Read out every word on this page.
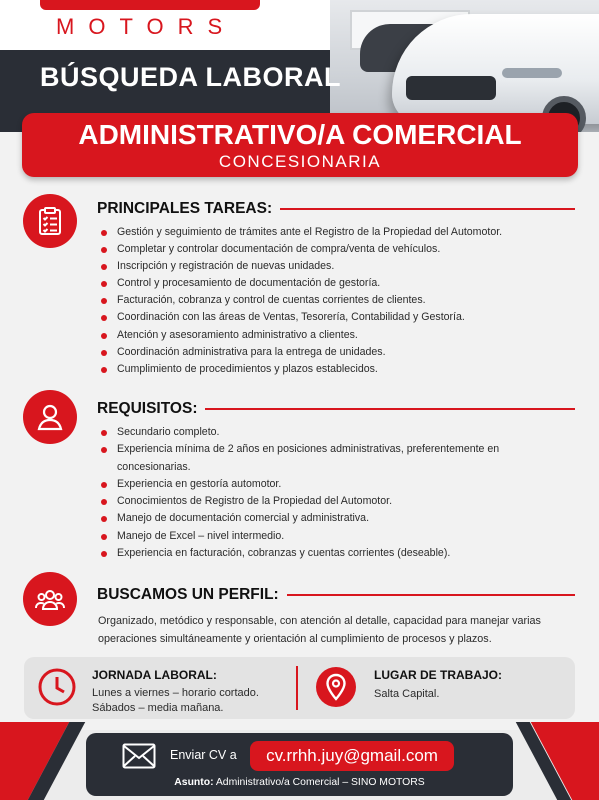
MOTORS
BÚSQUEDA LABORAL
ADMINISTRATIVO/A COMERCIAL
CONCESIONARIA
PRINCIPALES TAREAS:
Gestión y seguimiento de trámites ante el Registro de la Propiedad del Automotor.
Completar y controlar documentación de compra/venta de vehículos.
Inscripción y registración de nuevas unidades.
Control y procesamiento de documentación de gestoría.
Facturación, cobranza y control de cuentas corrientes de clientes.
Coordinación con las áreas de Ventas, Tesorería, Contabilidad y Gestoría.
Atención y asesoramiento administrativo a clientes.
Coordinación administrativa para la entrega de unidades.
Cumplimiento de procedimientos y plazos establecidos.
REQUISITOS:
Secundario completo.
Experiencia mínima de 2 años en posiciones administrativas, preferentemente en concesionarias.
Experiencia en gestoría automotor.
Conocimientos de Registro de la Propiedad del Automotor.
Manejo de documentación comercial y administrativa.
Manejo de Excel – nivel intermedio.
Experiencia en facturación, cobranzas y cuentas corrientes (deseable).
BUSCAMOS UN PERFIL:
Organizado, metódico y responsable, con atención al detalle, capacidad para manejar varias operaciones simultáneamente y orientación al cumplimiento de procesos y plazos.
JORNADA LABORAL:
Lunes a viernes – horario cortado.
Sábados – media mañana.
LUGAR DE TRABAJO:
Salta Capital.
Enviar CV a	cv.rrhh.juy@gmail.com
Asunto: Administrativo/a Comercial – SINO MOTORS
